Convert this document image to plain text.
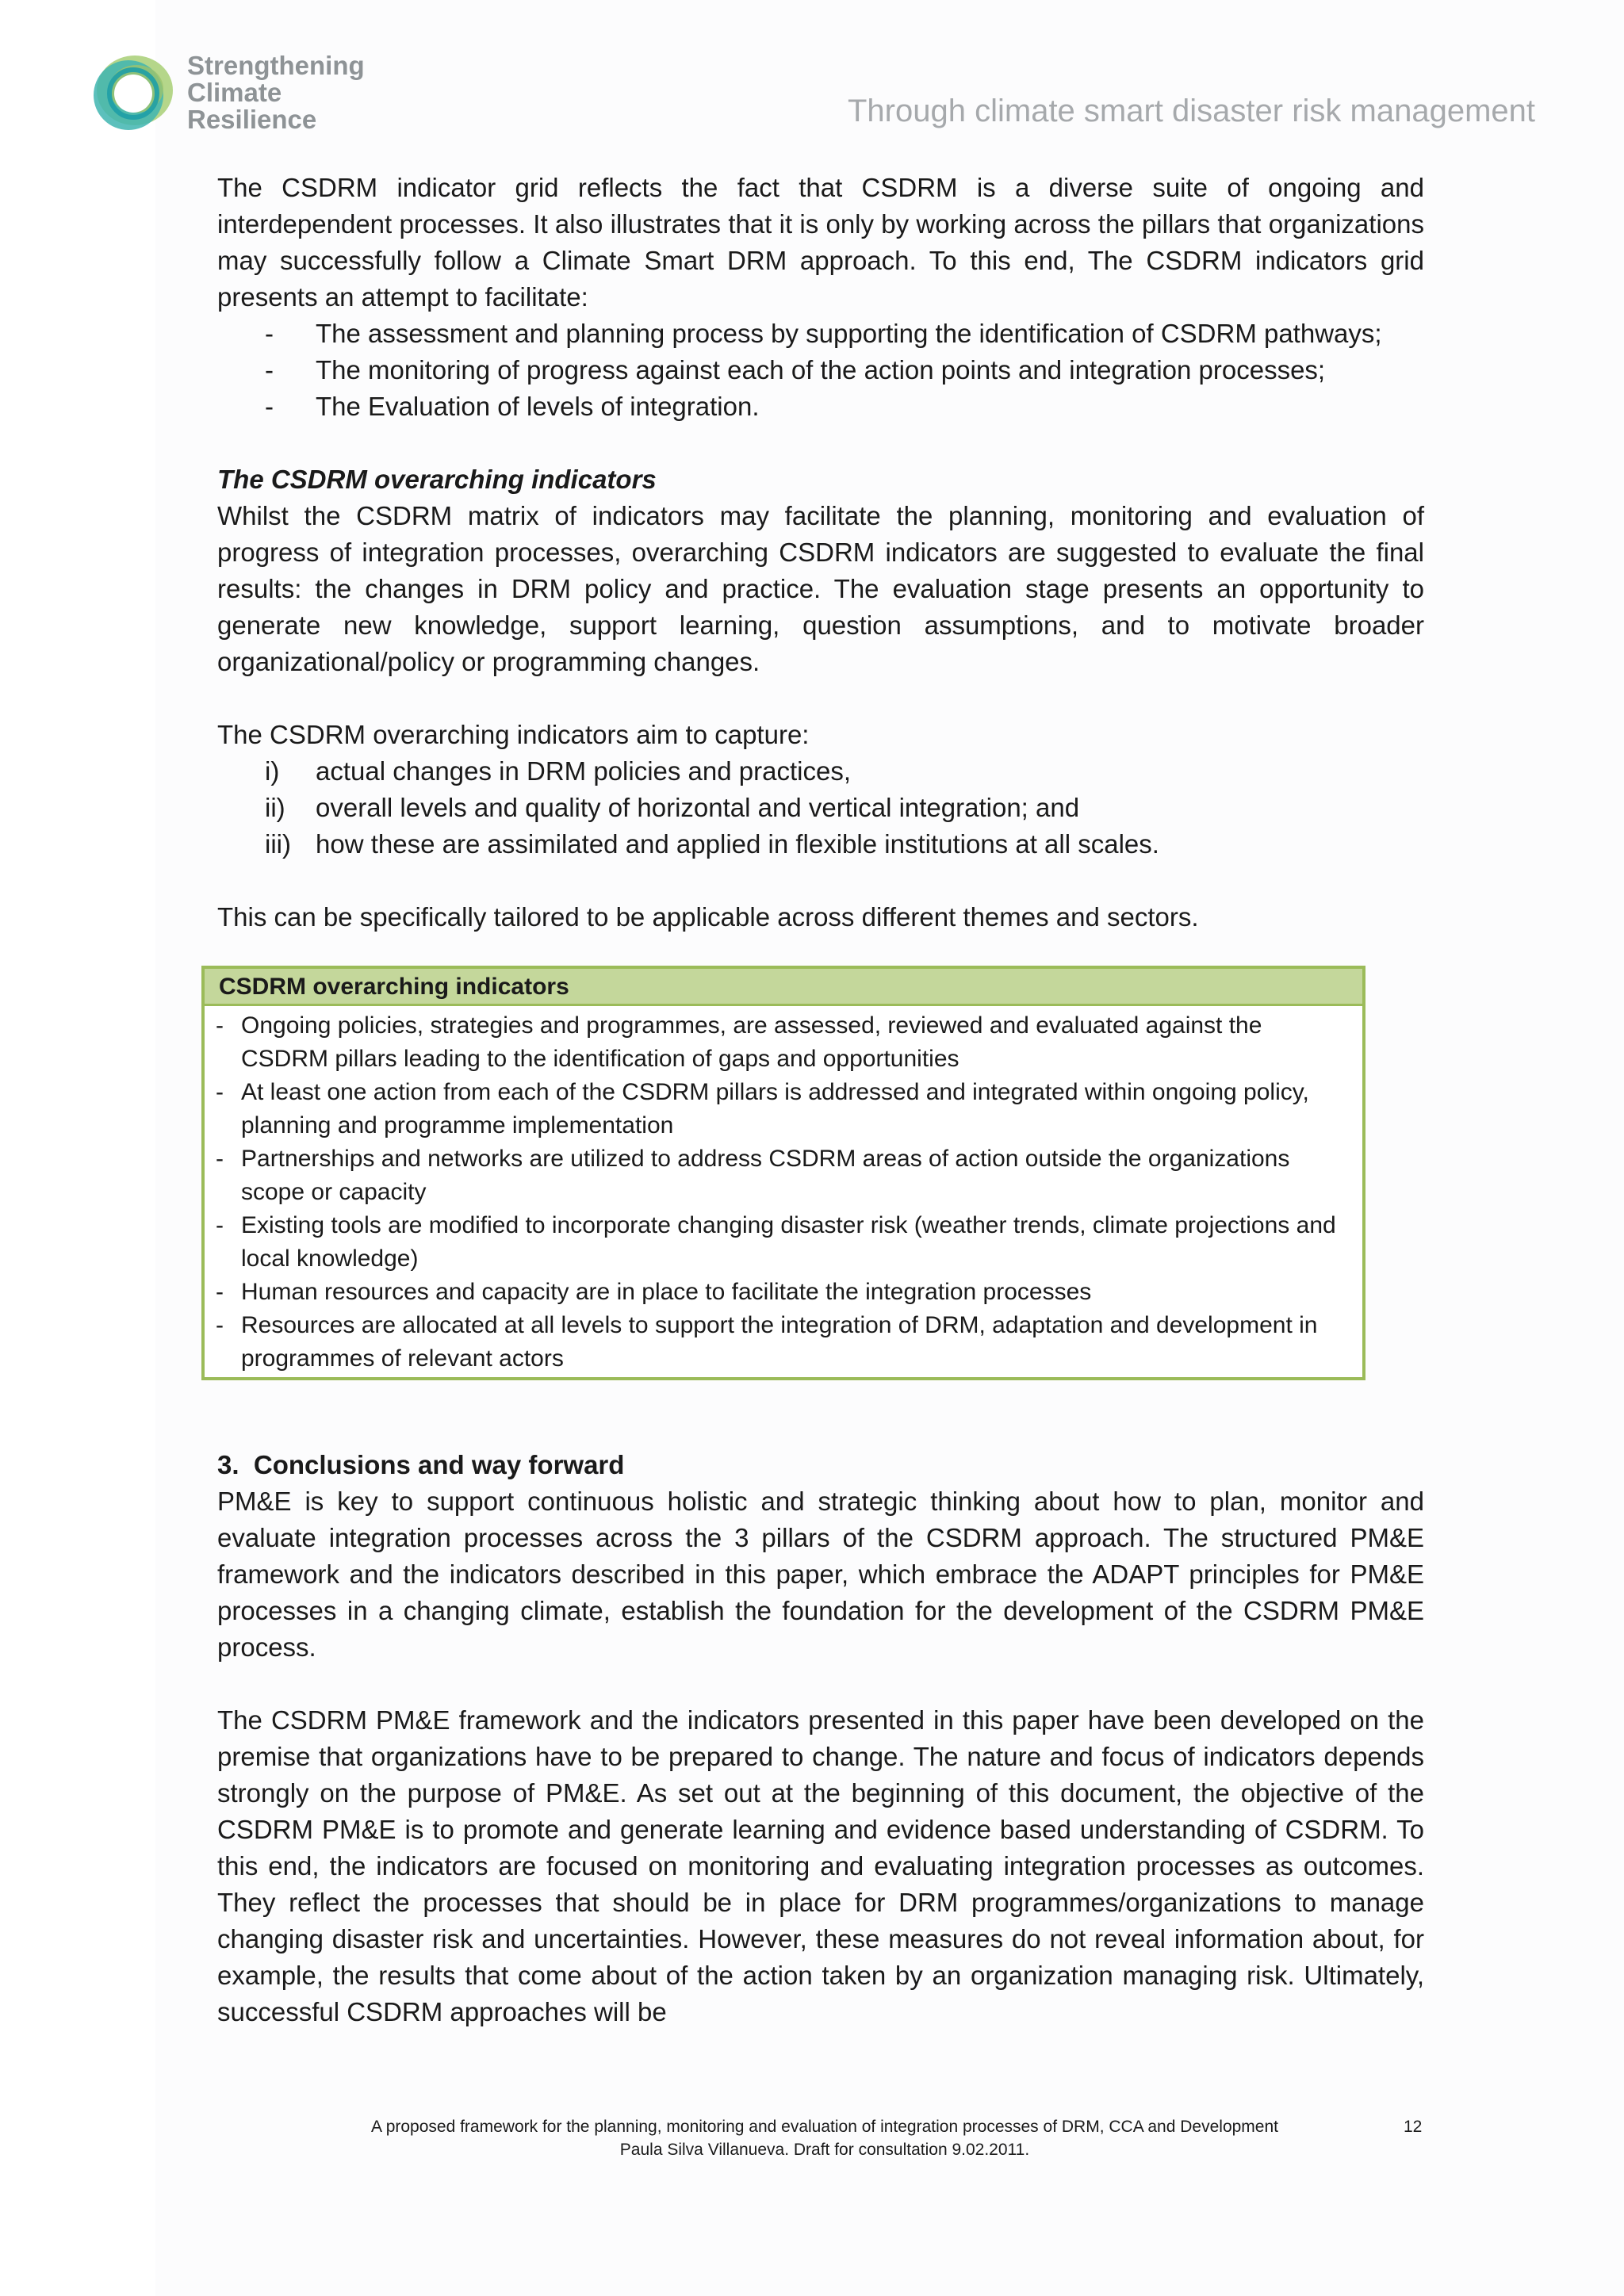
Strengthening
Climate
Resilience	Through climate smart disaster risk management

The CSDRM indicator grid reflects the fact that CSDRM is a diverse suite of ongoing and interdependent processes. It also illustrates that it is only by working across the pillars that organizations may successfully follow a Climate Smart DRM approach. To this end, The CSDRM indicators grid presents an attempt to facilitate:

- The assessment and planning process by supporting the identification of CSDRM pathways;
- The monitoring of progress against each of the action points and integration processes;
- The Evaluation of levels of integration.

The CSDRM overarching indicators

Whilst the CSDRM matrix of indicators may facilitate the planning, monitoring and evaluation of progress of integration processes, overarching CSDRM indicators are suggested to evaluate the final results: the changes in DRM policy and practice. The evaluation stage presents an opportunity to generate new knowledge, support learning, question assumptions, and to motivate broader organizational/policy or programming changes.

The CSDRM overarching indicators aim to capture:

i) actual changes in DRM policies and practices,
ii) overall levels and quality of horizontal and vertical integration; and
iii) how these are assimilated and applied in flexible institutions at all scales.

This can be specifically tailored to be applicable across different themes and sectors.

CSDRM overarching indicators
- Ongoing policies, strategies and programmes, are assessed, reviewed and evaluated against the CSDRM pillars leading to the identification of gaps and opportunities
- At least one action from each of the CSDRM pillars is addressed and integrated within ongoing policy, planning and programme implementation
- Partnerships and networks are utilized to address CSDRM areas of action outside the organizations scope or capacity
- Existing tools are modified to incorporate changing disaster risk (weather trends, climate projections and local knowledge)
- Human resources and capacity are in place to facilitate the integration processes
- Resources are allocated at all levels to support the integration of DRM, adaptation and development in programmes of relevant actors

3.  Conclusions and way forward

PM&E is key to support continuous holistic and strategic thinking about how to plan, monitor and evaluate integration processes across the 3 pillars of the CSDRM approach. The structured PM&E framework and the indicators described in this paper, which embrace the ADAPT principles for PM&E processes in a changing climate, establish the foundation for the development of the CSDRM PM&E process.

The CSDRM PM&E framework and the indicators presented in this paper have been developed on the premise that organizations have to be prepared to change. The nature and focus of indicators depends strongly on the purpose of PM&E. As set out at the beginning of this document, the objective of the CSDRM PM&E is to promote and generate learning and evidence based understanding of CSDRM. To this end, the indicators are focused on monitoring and evaluating integration processes as outcomes. They reflect the processes that should be in place for DRM programmes/organizations to manage changing disaster risk and uncertainties. However, these measures do not reveal information about, for example, the results that come about of the action taken by an organization managing risk. Ultimately, successful CSDRM approaches will be

A proposed framework for the planning, monitoring and evaluation of integration processes of DRM, CCA and Development
Paula Silva Villanueva. Draft for consultation 9.02.2011.
12
